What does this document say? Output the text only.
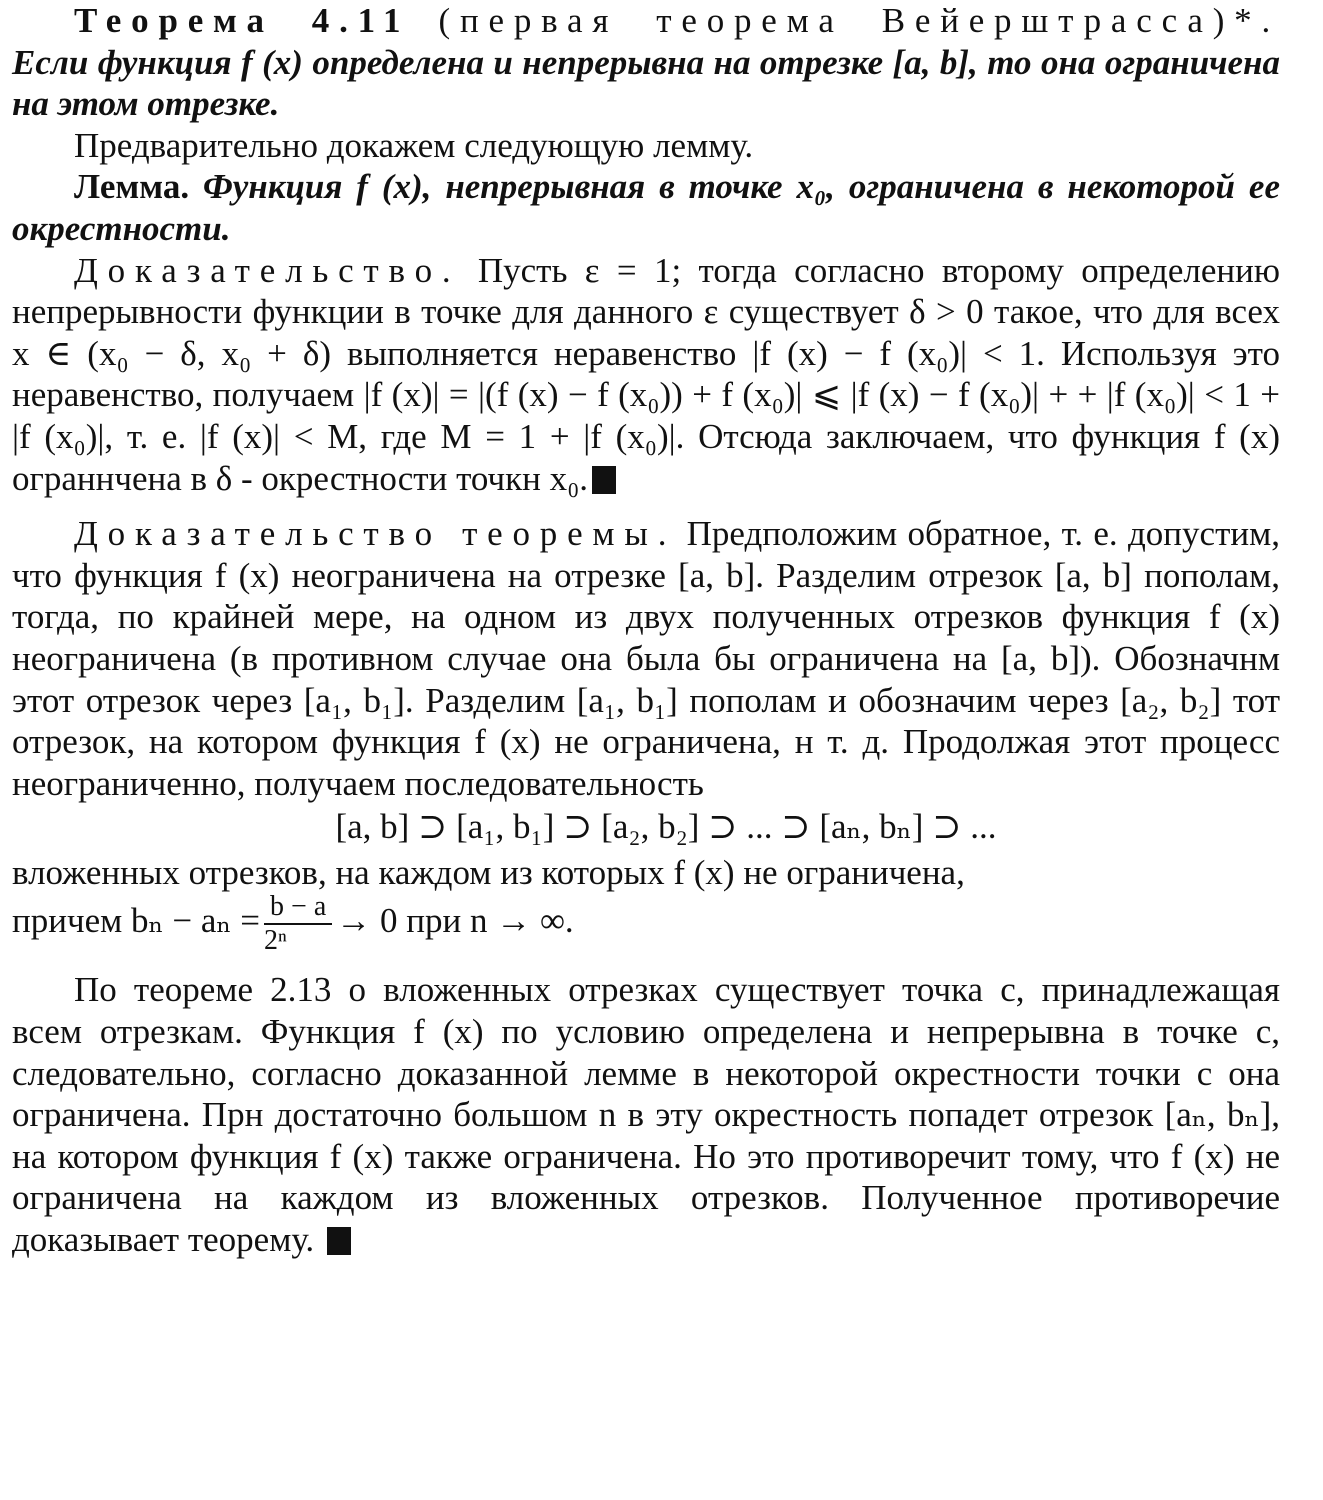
Теорема 4.11 (первая теорема Вейерштрасса)*. Если функция f (x) определена и непрерывна на отрезке [a, b], то она ограничена на этом отрезке.

Предварительно докажем следующую лемму.

Лемма. Функция f (x), непрерывная в точке x₀, ограничена в некоторой ее окрестности.

Доказательство. Пусть ε = 1; тогда согласно второму определению непрерывности функции в точке для данного ε существует δ > 0 такое, что для всех x ∈ (x₀ − δ, x₀ + δ) выполняется неравенство |f (x) − f (x₀)| < 1. Используя это неравенство, получаем |f (x)| = |(f (x) − f (x₀)) + f (x₀)| ⩽ |f (x) − f (x₀)| + + |f (x₀)| < 1 + |f (x₀)|, т. е. |f (x)| < M, где M = 1 + |f (x₀)|. Отсюда заключаем, что функция f (x) ограннчена в δ - окрестности точкн x₀.

Доказательство теоремы. Предположим обратное, т. е. допустим, что функция f (x) неограничена на отрезке [a, b]. Разделим отрезок [a, b] пополам, тогда, по крайней мере, на одном из двух полученных отрезков функция f (x) неограничена (в противном случае она была бы ограничена на [a, b]). Обозначнм этот отрезок через [a₁, b₁]. Разделим [a₁, b₁] пополам и обозначим через [a₂, b₂] тот отрезок, на котором функция f (x) не ограничена, н т. д. Продолжая этот процесс неограниченно, получаем последовательность

[a, b] ⊃ [a₁, b₁] ⊃ [a₂, b₂] ⊃ ... ⊃ [aₙ, bₙ] ⊃ ...

вложенных отрезков, на каждом из которых f (x) не ограничена,

причем $b_n - a_n = \frac{b - a}{\text{2ⁿ}} \to 0$ при n → ∞.

По теореме 2.13 о вложенных отрезках существует точка c, принадлежащая всем отрезкам. Функция f (x) по условию определена и непрерывна в точке c, следовательно, согласно доказанной лемме в некоторой окрестности точки c она ограничена. Прн достаточно большом n в эту окрестность попадет отрезок [aₙ, bₙ], на котором функция f (x) также ограничена. Но это противоречит тому, что f (x) не ограничена на каждом из вложенных отрезков. Полученное противоречие доказывает теорему.
